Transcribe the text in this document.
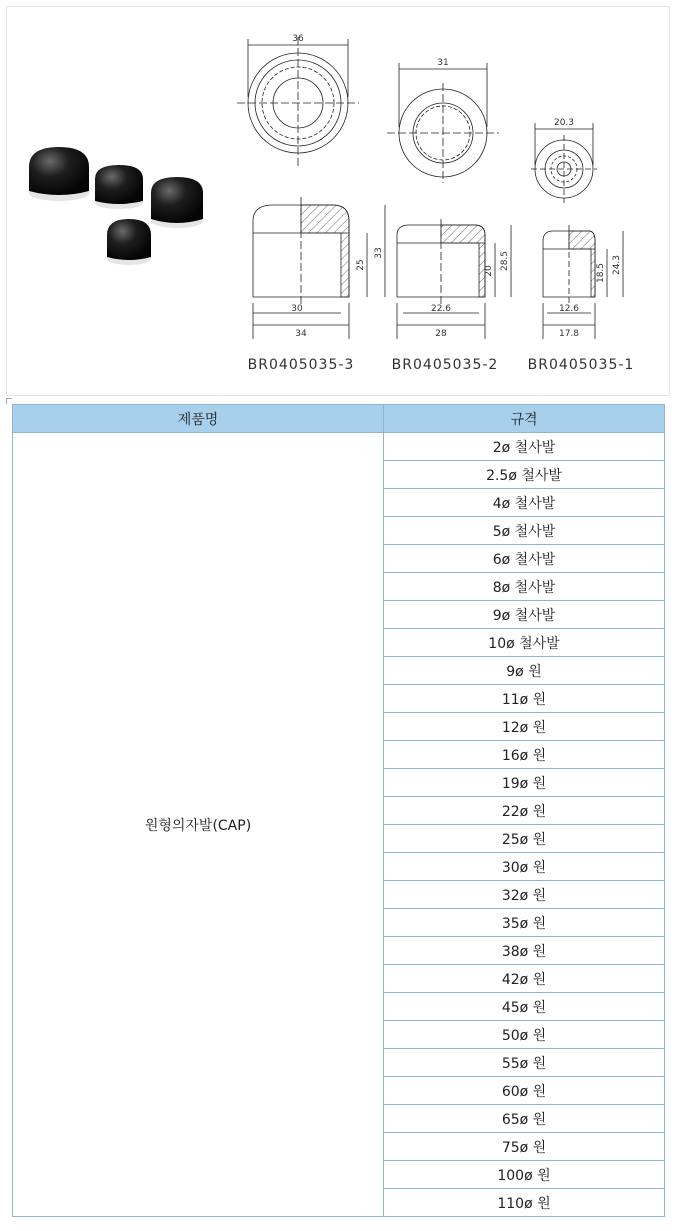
36
31
20.3
33
25	28.5
20	24.3
18.5
30
34
22.6
28
12.6
17.8
BR0405035-3	BR0405035-2 BR0405035-1
제품명	규격
원형의자발(CAP)	2ø 철사발
	2.5ø 철사발
	4ø 철사발
	5ø 철사발
	6ø 철사발
	8ø 철사발
	9ø 철사발
	10ø 철사발
	9ø 원
	11ø 원
	12ø 원
	16ø 원
	19ø 원
	22ø 원
	25ø 원
	30ø 원
	32ø 원
	35ø 원
	38ø 원
	42ø 원
	45ø 원
	50ø 원
	55ø 원
	60ø 원
	65ø 원
	75ø 원
	100ø 원
	110ø 원
